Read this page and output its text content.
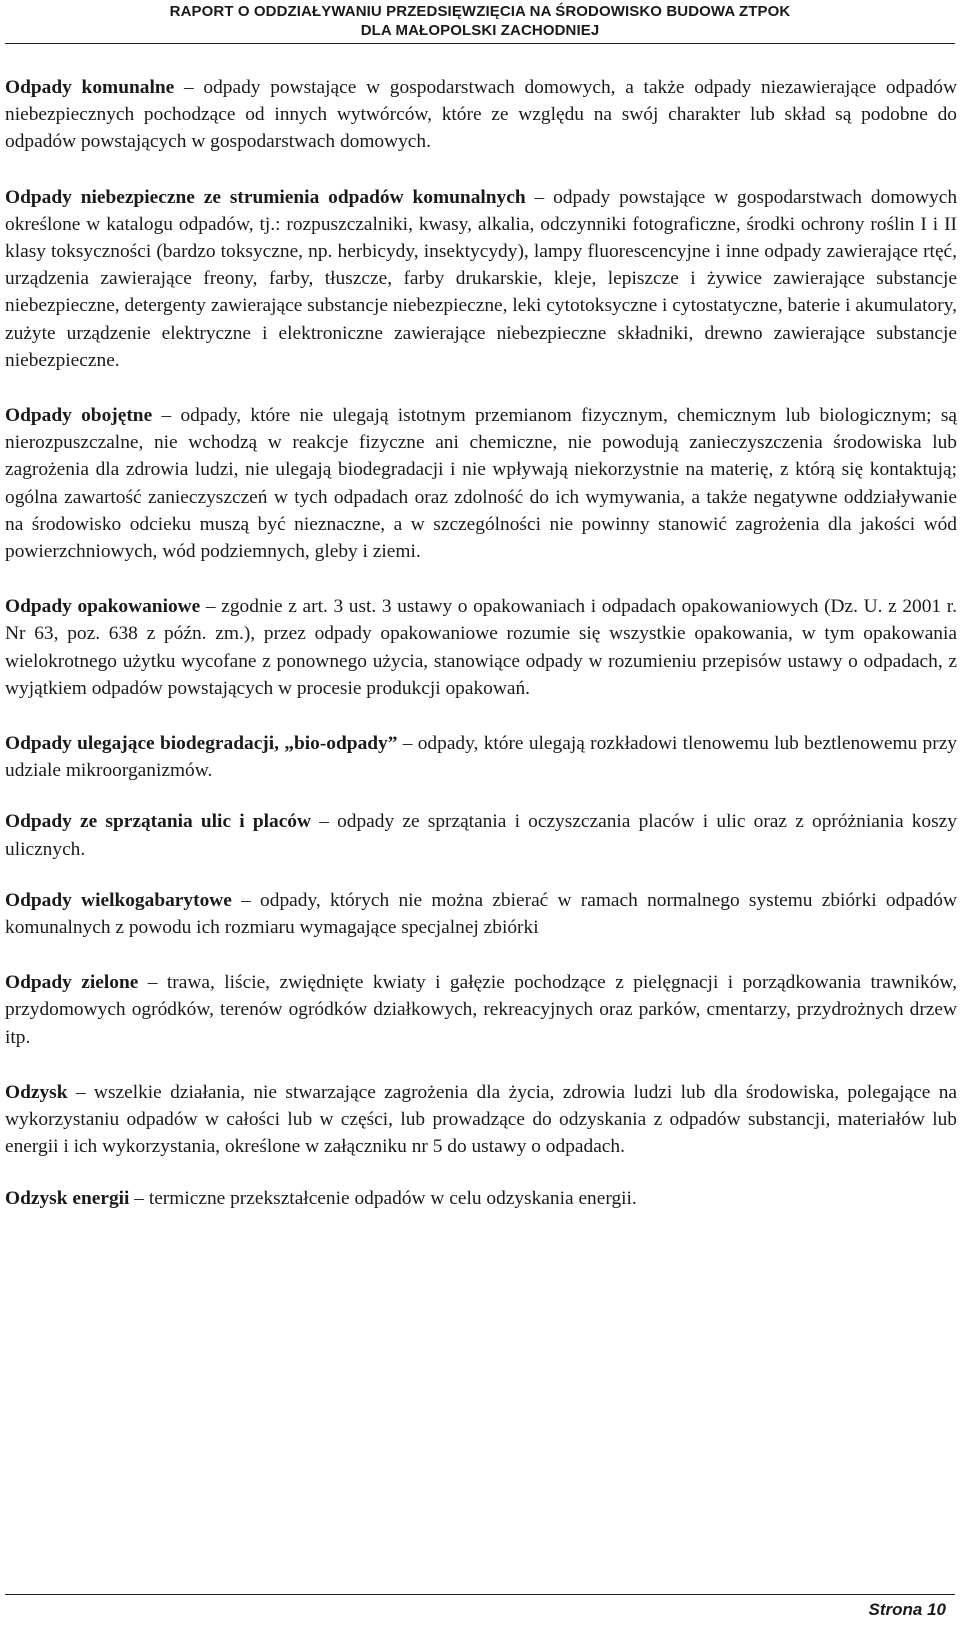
RAPORT O ODDZIAŁYWANIU PRZEDSIĘWZIĘCIA NA ŚRODOWISKO BUDOWA ZTPOK
DLA MAŁOPOLSKI ZACHODNIEJ

Odpady komunalne – odpady powstające w gospodarstwach domowych, a także odpady niezawierające odpadów niebezpiecznych pochodzące od innych wytwórców, które ze względu na swój charakter lub skład są podobne do odpadów powstających w gospodarstwach domowych.

Odpady niebezpieczne ze strumienia odpadów komunalnych – odpady powstające w gospodarstwach domowych określone w katalogu odpadów, tj.: rozpuszczalniki, kwasy, alkalia, odczynniki fotograficzne, środki ochrony roślin I i II klasy toksyczności (bardzo toksyczne, np. herbicydy, insektycydy), lampy fluorescencyjne i inne odpady zawierające rtęć, urządzenia zawierające freony, farby, tłuszcze, farby drukarskie, kleje, lepiszcze i żywice zawierające substancje niebezpieczne, detergenty zawierające substancje niebezpieczne, leki cytotoksyczne i cytostatyczne, baterie i akumulatory, zużyte urządzenie elektryczne i elektroniczne zawierające niebezpieczne składniki, drewno zawierające substancje niebezpieczne.

Odpady obojętne – odpady, które nie ulegają istotnym przemianom fizycznym, chemicznym lub biologicznym; są nierozpuszczalne, nie wchodzą w reakcje fizyczne ani chemiczne, nie powodują zanieczyszczenia środowiska lub zagrożenia dla zdrowia ludzi, nie ulegają biodegradacji i nie wpływają niekorzystnie na materię, z którą się kontaktują; ogólna zawartość zanieczyszczeń w tych odpadach oraz zdolność do ich wymywania, a także negatywne oddziaływanie na środowisko odcieku muszą być nieznaczne, a w szczególności nie powinny stanowić zagrożenia dla jakości wód powierzchniowych, wód podziemnych, gleby i ziemi.

Odpady opakowaniowe – zgodnie z art. 3 ust. 3 ustawy o opakowaniach i odpadach opakowaniowych (Dz. U. z 2001 r. Nr 63, poz. 638 z późn. zm.), przez odpady opakowaniowe rozumie się wszystkie opakowania, w tym opakowania wielokrotnego użytku wycofane z ponownego użycia, stanowiące odpady w rozumieniu przepisów ustawy o odpadach, z wyjątkiem odpadów powstających w procesie produkcji opakowań.

Odpady ulegające biodegradacji, „bio-odpady” – odpady, które ulegają rozkładowi tlenowemu lub beztlenowemu przy udziale mikroorganizmów.

Odpady ze sprzątania ulic i placów – odpady ze sprzątania i oczyszczania placów i ulic oraz z opróżniania koszy ulicznych.

Odpady wielkogabarytowe – odpady, których nie można zbierać w ramach normalnego systemu zbiórki odpadów komunalnych z powodu ich rozmiaru wymagające specjalnej zbiórki

Odpady zielone – trawa, liście, zwiędnięte kwiaty i gałęzie pochodzące z pielęgnacji i porządkowania trawników, przydomowych ogródków, terenów ogródków działkowych, rekreacyjnych oraz parków, cmentarzy, przydrożnych drzew itp.

Odzysk – wszelkie działania, nie stwarzające zagrożenia dla życia, zdrowia ludzi lub dla środowiska, polegające na wykorzystaniu odpadów w całości lub w części, lub prowadzące do odzyskania z odpadów substancji, materiałów lub energii i ich wykorzystania, określone w załączniku nr 5 do ustawy o odpadach.

Odzysk energii – termiczne przekształcenie odpadów w celu odzyskania energii.

Strona 10
